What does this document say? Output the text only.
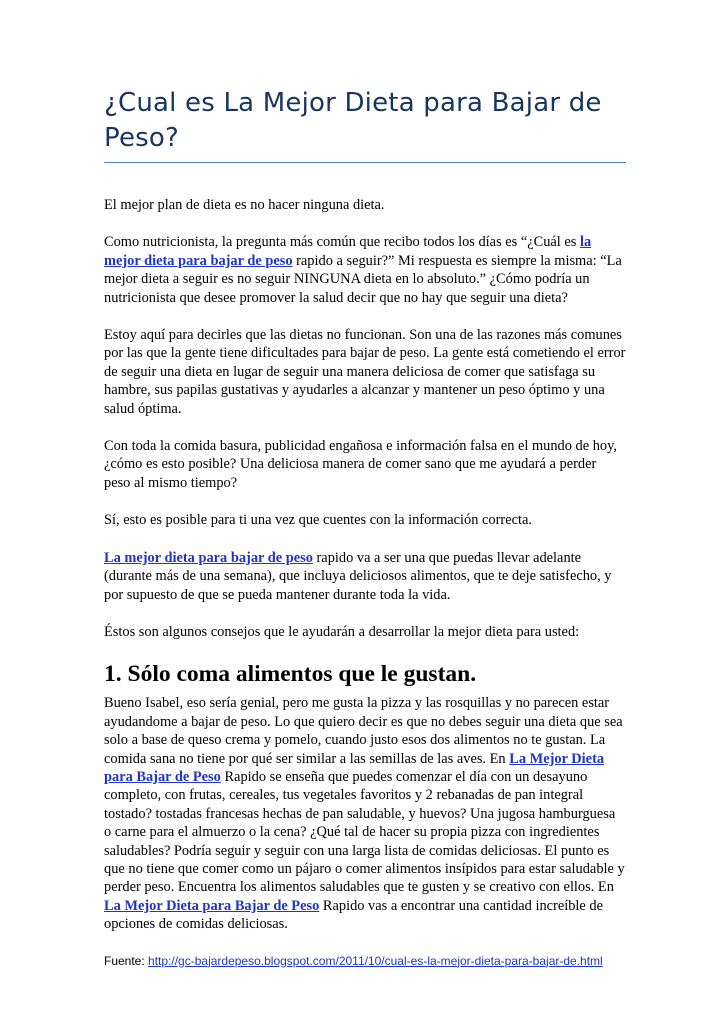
¿Cual es La Mejor Dieta para Bajar de Peso?

El mejor plan de dieta es no hacer ninguna dieta.

Como nutricionista, la pregunta más común que recibo todos los días es “¿Cuál es la mejor dieta para bajar de peso rapido a seguir?” Mi respuesta es siempre la misma: “La mejor dieta a seguir es no seguir NINGUNA dieta en lo absoluto.” ¿Cómo podría un nutricionista que desee promover la salud decir que no hay que seguir una dieta?

Estoy aquí para decirles que las dietas no funcionan. Son una de las razones más comunes por las que la gente tiene dificultades para bajar de peso. La gente está cometiendo el error de seguir una dieta en lugar de seguir una manera deliciosa de comer que satisfaga su hambre, sus papilas gustativas y ayudarles a alcanzar y mantener un peso óptimo y una salud óptima.

Con toda la comida basura, publicidad engañosa e información falsa en el mundo de hoy, ¿cómo es esto posible? Una deliciosa manera de comer sano que me ayudará a perder peso al mismo tiempo?

Sí, esto es posible para ti una vez que cuentes con la información correcta.

La mejor dieta para bajar de peso rapido va a ser una que puedas llevar adelante (durante más de una semana), que incluya deliciosos alimentos, que te deje satisfecho, y por supuesto de que se pueda mantener durante toda la vida.

Éstos son algunos consejos que le ayudarán a desarrollar la mejor dieta para usted:

1. Sólo coma alimentos que le gustan.

Bueno Isabel, eso sería genial, pero me gusta la pizza y las rosquillas y no parecen estar ayudandome a bajar de peso. Lo que quiero decir es que no debes seguir una dieta que sea solo a base de queso crema y pomelo, cuando justo esos dos alimentos no te gustan. La comida sana no tiene por qué ser similar a las semillas de las aves. En La Mejor Dieta para Bajar de Peso Rapido se enseña que puedes comenzar el día con un desayuno completo, con frutas, cereales, tus vegetales favoritos y 2 rebanadas de pan integral tostado? tostadas francesas hechas de pan saludable, y huevos? Una jugosa hamburguesa o carne para el almuerzo o la cena? ¿Qué tal de hacer su propia pizza con ingredientes saludables? Podría seguir y seguir con una larga lista de comidas deliciosas. El punto es que no tiene que comer como un pájaro o comer alimentos insípidos para estar saludable y perder peso. Encuentra los alimentos saludables que te gusten y se creativo con ellos. En La Mejor Dieta para Bajar de Peso Rapido vas a encontrar una cantidad increíble de opciones de comidas deliciosas.

Fuente: http://gc-bajardepeso.blogspot.com/2011/10/cual-es-la-mejor-dieta-para-bajar-de.html
